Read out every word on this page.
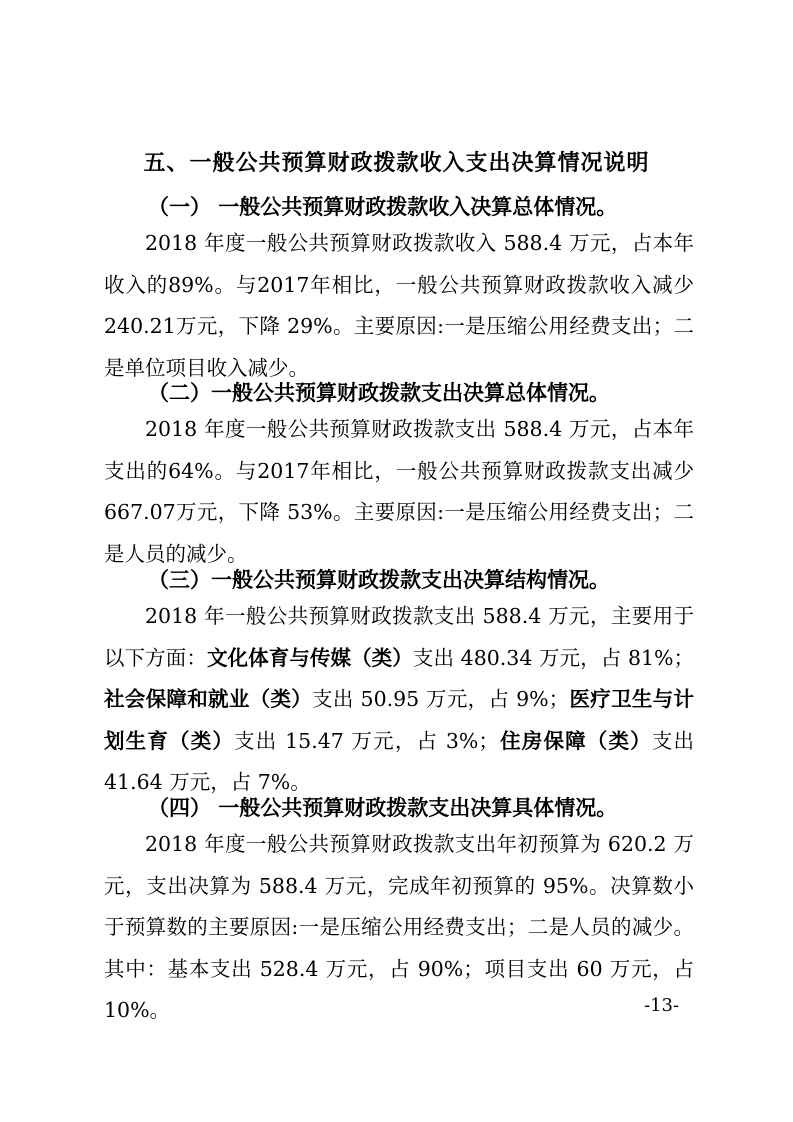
五、一般公共预算财政拨款收入支出决算情况说明
（一） 一般公共预算财政拨款收入决算总体情况。
2018 年度一般公共预算财政拨款收入 588.4 万元，占本年收入的89%。与2017年相比，一般公共预算财政拨款收入减少240.21万元，下降 29%。主要原因:一是压缩公用经费支出；二是单位项目收入减少。
（二）一般公共预算财政拨款支出决算总体情况。
2018 年度一般公共预算财政拨款支出 588.4 万元，占本年支出的64%。与2017年相比，一般公共预算财政拨款支出减少667.07万元，下降 53%。主要原因:一是压缩公用经费支出；二是人员的减少。
（三）一般公共预算财政拨款支出决算结构情况。
2018 年一般公共预算财政拨款支出 588.4 万元，主要用于以下方面：文化体育与传媒（类）支出 480.34 万元，占 81%；社会保障和就业（类）支出 50.95 万元，占 9%；医疗卫生与计划生育（类）支出 15.47 万元，占 3%；住房保障（类）支出 41.64 万元，占 7%。
（四） 一般公共预算财政拨款支出决算具体情况。
2018 年度一般公共预算财政拨款支出年初预算为 620.2 万元，支出决算为 588.4 万元，完成年初预算的 95%。决算数小于预算数的主要原因:一是压缩公用经费支出；二是人员的减少。其中：基本支出 528.4 万元，占 90%；项目支出 60 万元，占 10%。	-13-
